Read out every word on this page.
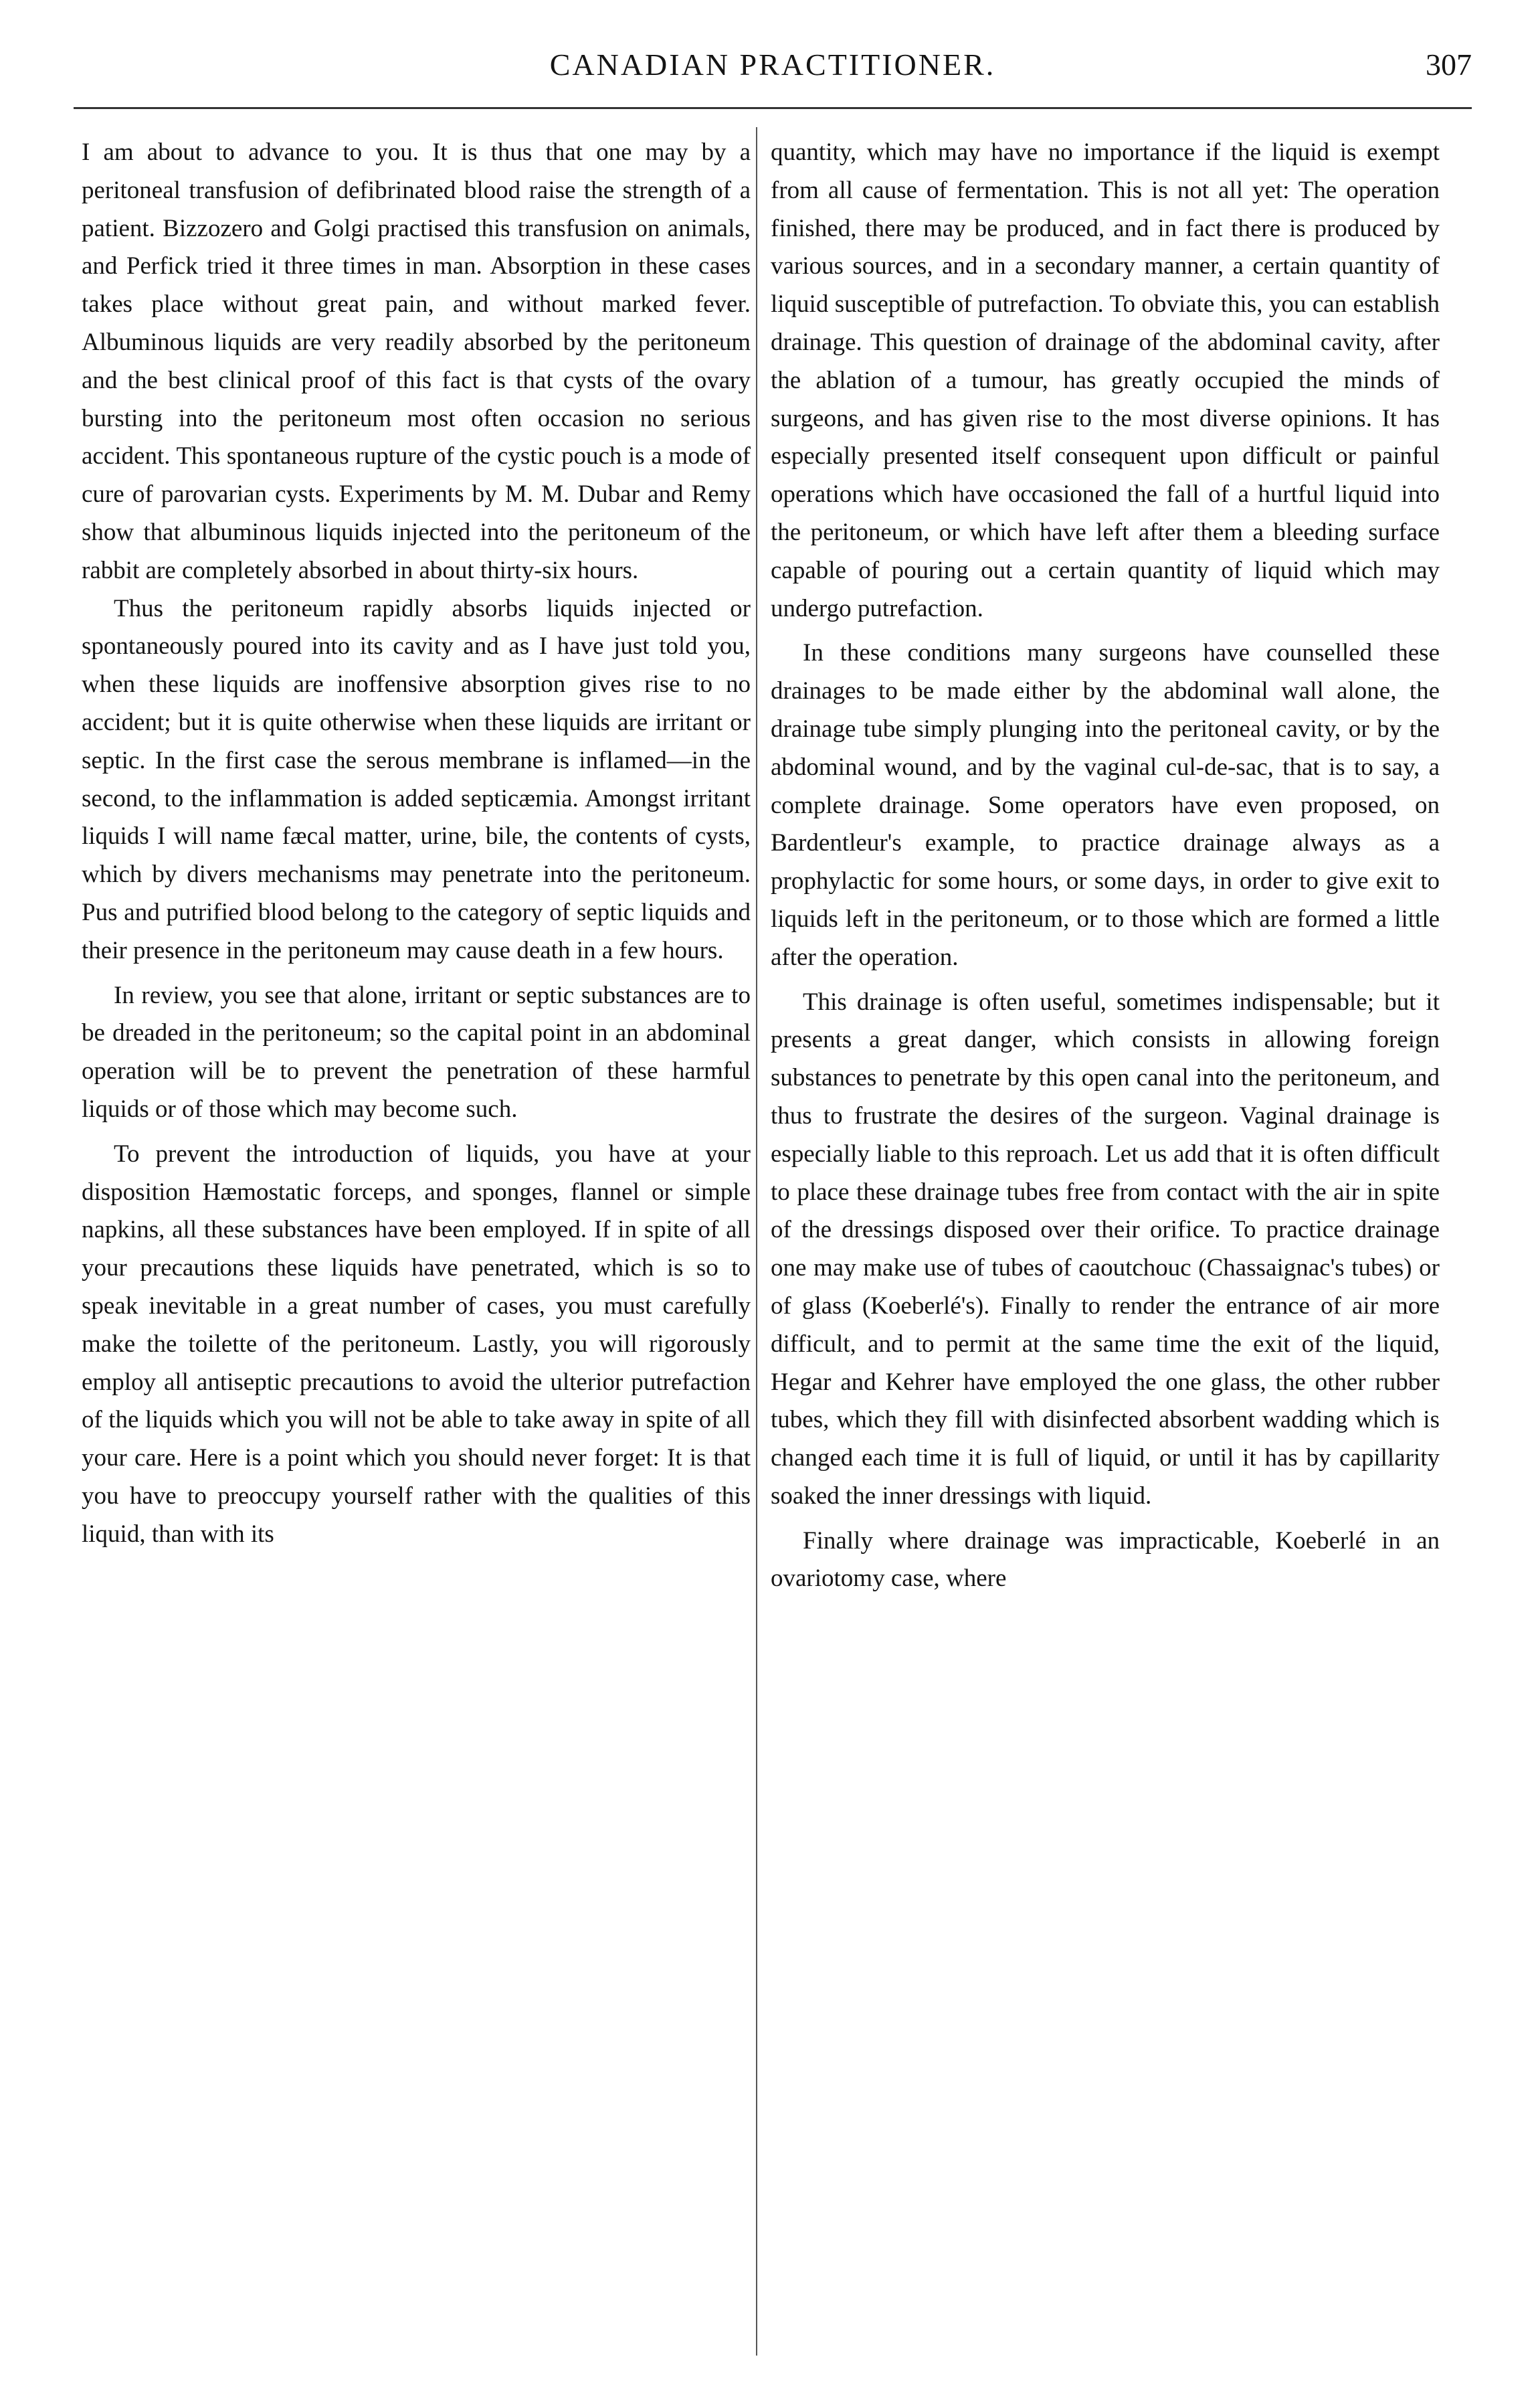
CANADIAN PRACTITIONER.	307

I am about to advance to you. It is thus that one may by a peritoneal transfusion of defibrinated blood raise the strength of a patient. Bizzozero and Golgi practised this transfusion on animals, and Perfick tried it three times in man. Absorption in these cases takes place without great pain, and without marked fever. Albuminous liquids are very readily absorbed by the peritoneum and the best clinical proof of this fact is that cysts of the ovary bursting into the peritoneum most often occasion no serious accident. This spontaneous rupture of the cystic pouch is a mode of cure of parovarian cysts. Experiments by M. M. Dubar and Remy show that albuminous liquids injected into the peritoneum of the rabbit are completely absorbed in about thirty-six hours.

Thus the peritoneum rapidly absorbs liquids injected or spontaneously poured into its cavity and as I have just told you, when these liquids are inoffensive absorption gives rise to no accident; but it is quite otherwise when these liquids are irritant or septic. In the first case the serous membrane is inflamed—in the second, to the inflammation is added septicæmia. Amongst irritant liquids I will name fæcal matter, urine, bile, the contents of cysts, which by divers mechanisms may penetrate into the peritoneum. Pus and putrified blood belong to the category of septic liquids and their presence in the peritoneum may cause death in a few hours.

In review, you see that alone, irritant or septic substances are to be dreaded in the peritoneum; so the capital point in an abdominal operation will be to prevent the penetration of these harmful liquids or of those which may become such.

To prevent the introduction of liquids, you have at your disposition Hæmostatic forceps, and sponges, flannel or simple napkins, all these substances have been employed. If in spite of all your precautions these liquids have penetrated, which is so to speak inevitable in a great number of cases, you must carefully make the toilette of the peritoneum. Lastly, you will rigorously employ all antiseptic precautions to avoid the ulterior putrefaction of the liquids which you will not be able to take away in spite of all your care. Here is a point which you should never forget: It is that you have to preoccupy yourself rather with the qualities of this liquid, than with its

quantity, which may have no importance if the liquid is exempt from all cause of fermentation. This is not all yet: The operation finished, there may be produced, and in fact there is produced by various sources, and in a secondary manner, a certain quantity of liquid susceptible of putrefaction. To obviate this, you can establish drainage. This question of drainage of the abdominal cavity, after the ablation of a tumour, has greatly occupied the minds of surgeons, and has given rise to the most diverse opinions. It has especially presented itself consequent upon difficult or painful operations which have occasioned the fall of a hurtful liquid into the peritoneum, or which have left after them a bleeding surface capable of pouring out a certain quantity of liquid which may undergo putrefaction.

In these conditions many surgeons have counselled these drainages to be made either by the abdominal wall alone, the drainage tube simply plunging into the peritoneal cavity, or by the abdominal wound, and by the vaginal cul-de-sac, that is to say, a complete drainage. Some operators have even proposed, on Bardentleur's example, to practice drainage always as a prophylactic for some hours, or some days, in order to give exit to liquids left in the peritoneum, or to those which are formed a little after the operation.

This drainage is often useful, sometimes indispensable; but it presents a great danger, which consists in allowing foreign substances to penetrate by this open canal into the peritoneum, and thus to frustrate the desires of the surgeon. Vaginal drainage is especially liable to this reproach. Let us add that it is often difficult to place these drainage tubes free from contact with the air in spite of the dressings disposed over their orifice. To practice drainage one may make use of tubes of caoutchouc (Chassaignac's tubes) or of glass (Koeberlé's). Finally to render the entrance of air more difficult, and to permit at the same time the exit of the liquid, Hegar and Kehrer have employed the one glass, the other rubber tubes, which they fill with disinfected absorbent wadding which is changed each time it is full of liquid, or until it has by capillarity soaked the inner dressings with liquid.

Finally where drainage was impracticable, Koeberlé in an ovariotomy case, where
